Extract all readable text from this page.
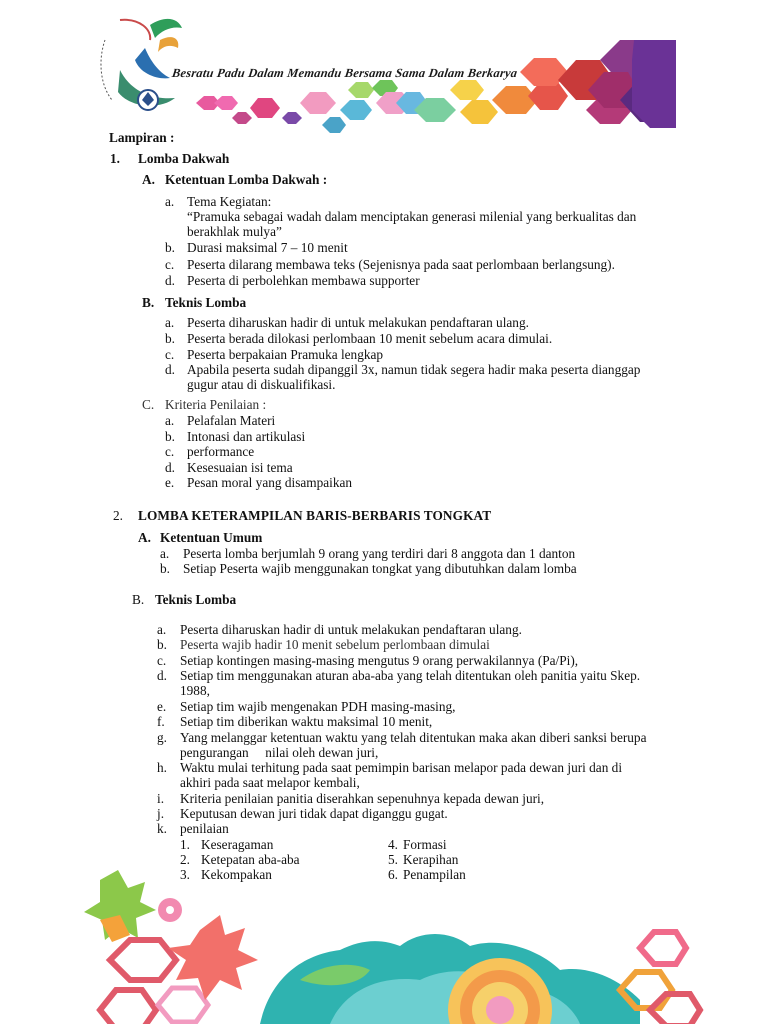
Besratu Padu Dalam Memandu Bersama Sama Dalam Berkarya
Lampiran :
1. Lomba Dakwah
A. Ketentuan Lomba Dakwah :
a. Tema Kegiatan:
“Pramuka sebagai wadah dalam menciptakan generasi milenial yang berkualitas dan
berakhlak mulya”
b. Durasi maksimal 7 – 10 menit
c. Peserta dilarang membawa teks (Sejenisnya pada saat perlombaan berlangsung).
d. Peserta di perbolehkan membawa supporter
B. Teknis Lomba
a. Peserta diharuskan hadir di untuk melakukan pendaftaran ulang.
b. Peserta berada dilokasi perlombaan 10 menit sebelum acara dimulai.
c. Peserta berpakaian Pramuka lengkap
d. Apabila peserta sudah dipanggil 3x, namun tidak segera hadir maka peserta dianggap
gugur atau di diskualifikasi.
C. Kriteria Penilaian :
a. Pelafalan Materi
b. Intonasi dan artikulasi
c. performance
d. Kesesuaian isi tema
e. Pesan moral yang disampaikan
2. LOMBA KETERAMPILAN BARIS-BERBARIS TONGKAT
A. Ketentuan Umum
a. Peserta lomba berjumlah 9 orang yang terdiri dari 8 anggota dan 1 danton
b. Setiap Peserta wajib menggunakan tongkat yang dibutuhkan dalam lomba
B. Teknis Lomba
a. Peserta diharuskan hadir di untuk melakukan pendaftaran ulang.
b. Peserta wajib hadir 10 menit sebelum perlombaan dimulai
c. Setiap kontingen masing-masing mengutus 9 orang perwakilannya (Pa/Pi),
d. Setiap tim menggunakan aturan aba-aba yang telah ditentukan oleh panitia yaitu Skep.
1988,
e. Setiap tim wajib mengenakan PDH masing-masing,
f. Setiap tim diberikan waktu maksimal 10 menit,
g. Yang melanggar ketentuan waktu yang telah ditentukan maka akan diberi sanksi berupa
pengurangan     nilai oleh dewan juri,
h. Waktu mulai terhitung pada saat pemimpin barisan melapor pada dewan juri dan di
akhiri pada saat melapor kembali,
i. Kriteria penilaian panitia diserahkan sepenuhnya kepada dewan juri,
j. Keputusan dewan juri tidak dapat diganggu gugat.
k. penilaian
1. Keseragaman
2. Ketepatan aba-aba
3. Kekompakan
4. Formasi
5. Kerapihan
6. Penampilan
